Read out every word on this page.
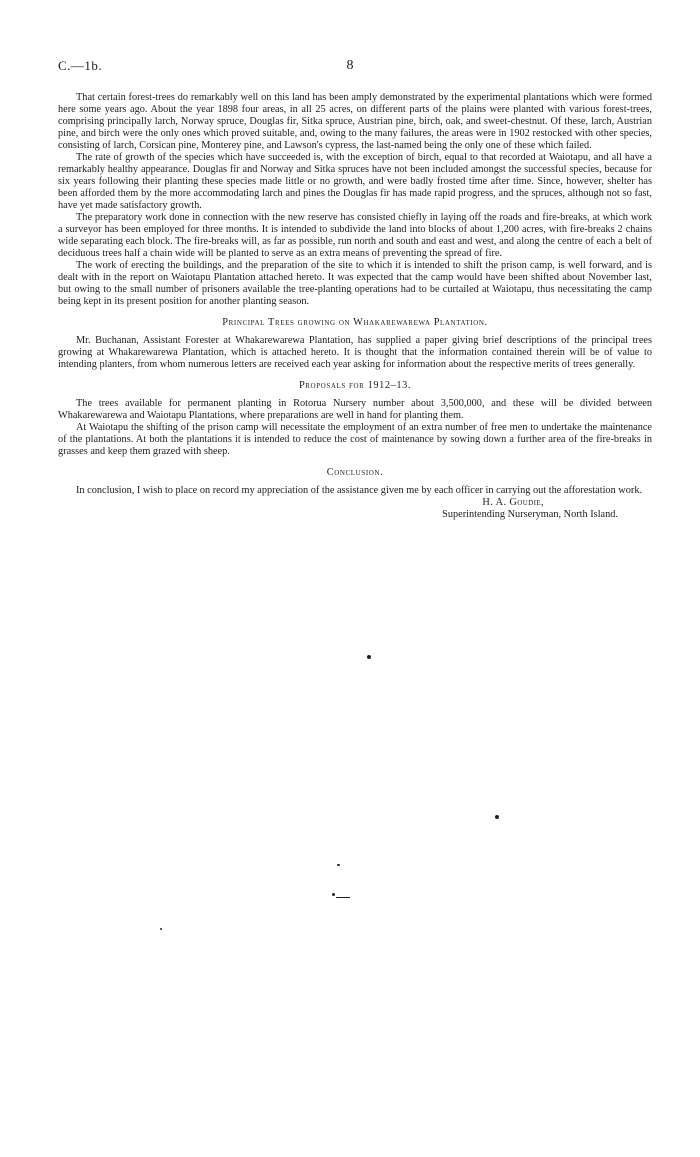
C.—1b.	8

That certain forest-trees do remarkably well on this land has been amply demonstrated by the experimental plantations which were formed here some years ago. About the year 1898 four areas, in all 25 acres, on different parts of the plains were planted with various forest-trees, comprising principally larch, Norway spruce, Douglas fir, Sitka spruce, Austrian pine, birch, oak, and sweet-chestnut. Of these, larch, Austrian pine, and birch were the only ones which proved suitable, and, owing to the many failures, the areas were in 1902 restocked with other species, consisting of larch, Corsican pine, Monterey pine, and Lawson's cypress, the last-named being the only one of these which failed.

The rate of growth of the species which have succeeded is, with the exception of birch, equal to that recorded at Waiotapu, and all have a remarkably healthy appearance. Douglas fir and Norway and Sitka spruces have not been included amongst the successful species, because for six years following their planting these species made little or no growth, and were badly frosted time after time. Since, however, shelter has been afforded them by the more accommodating larch and pines the Douglas fir has made rapid progress, and the spruces, although not so fast, have yet made satisfactory growth.

The preparatory work done in connection with the new reserve has consisted chiefly in laying off the roads and fire-breaks, at which work a surveyor has been employed for three months. It is intended to subdivide the land into blocks of about 1,200 acres, with fire-breaks 2 chains wide separating each block. The fire-breaks will, as far as possible, run north and south and east and west, and along the centre of each a belt of deciduous trees half a chain wide will be planted to serve as an extra means of preventing the spread of fire.

The work of erecting the buildings, and the preparation of the site to which it is intended to shift the prison camp, is well forward, and is dealt with in the report on Waiotapu Plantation attached hereto. It was expected that the camp would have been shifted about November last, but owing to the small number of prisoners available the tree-planting operations had to be curtailed at Waiotapu, thus necessitating the camp being kept in its present position for another planting season.

Principal Trees growing on Whakarewarewa Plantation.

Mr. Buchanan, Assistant Forester at Whakarewarewa Plantation, has supplied a paper giving brief descriptions of the principal trees growing at Whakarewarewa Plantation, which is attached hereto. It is thought that the information contained therein will be of value to intending planters, from whom numerous letters are received each year asking for information about the respective merits of trees generally.

Proposals for 1912–13.

The trees available for permanent planting in Rotorua Nursery number about 3,500,000, and these will be divided between Whakarewarewa and Waiotapu Plantations, where preparations are well in hand for planting them.

At Waiotapu the shifting of the prison camp will necessitate the employment of an extra number of free men to undertake the maintenance of the plantations. At both the plantations it is intended to reduce the cost of maintenance by sowing down a further area of the fire-breaks in grasses and keep them grazed with sheep.

Conclusion.

In conclusion, I wish to place on record my appreciation of the assistance given me by each officer in carrying out the afforestation work.

H. A. Goudie,
Superintending Nurseryman, North Island.
